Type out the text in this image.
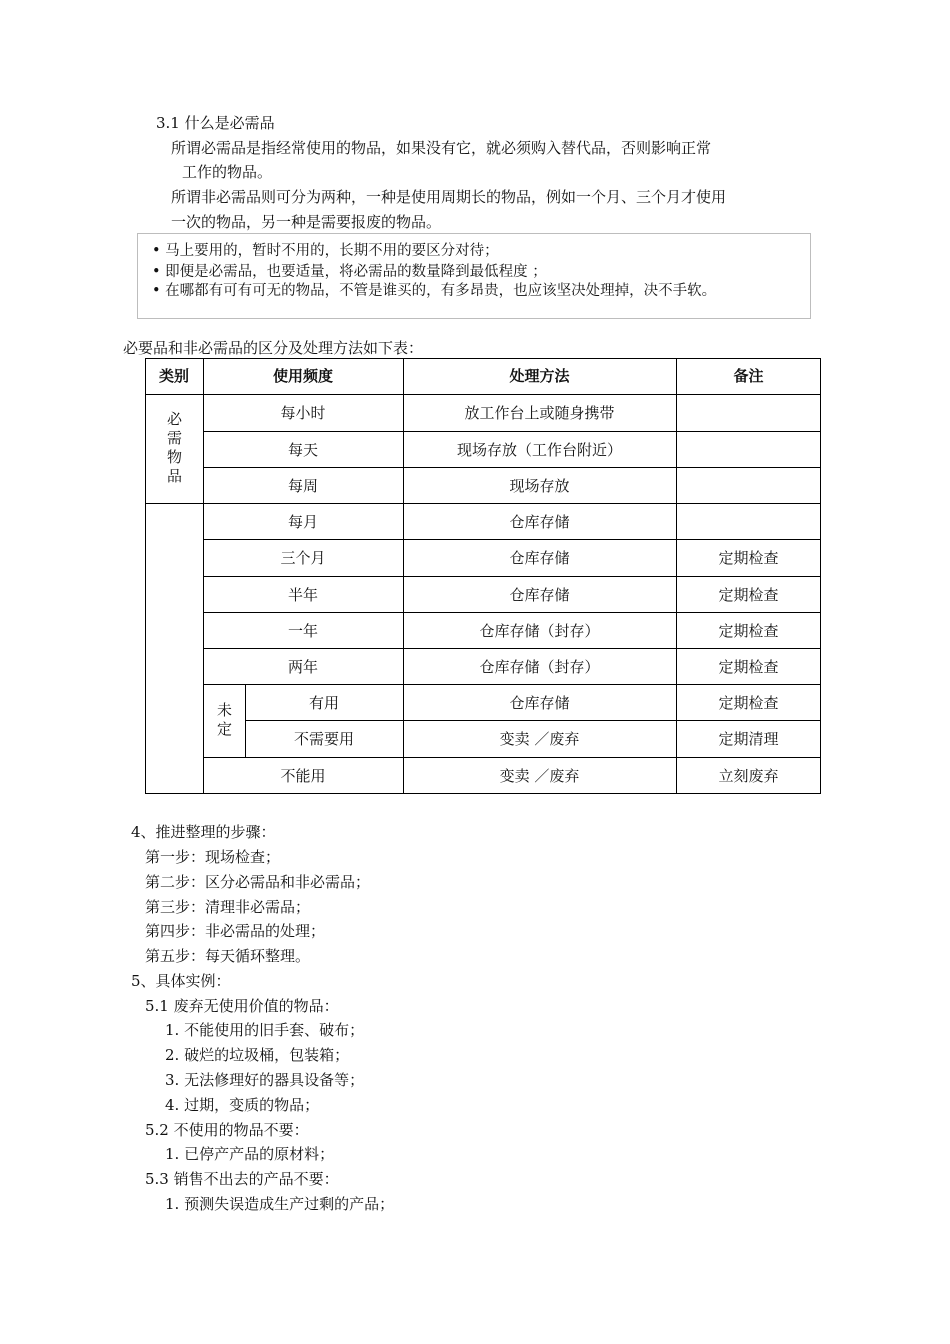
3.1 什么是必需品
所谓必需品是指经常使用的物品，如果没有它，就必须购入替代品，否则影响正常
工作的物品。
所谓非必需品则可分为两种，一种是使用周期长的物品，例如一个月、三个月才使用
一次的物品，另一种是需要报废的物品。
• 马上要用的，暂时不用的，长期不用的要区分对待；
• 即便是必需品，也要适量，将必需品的数量降到最低程度 ；
• 在哪都有可有可无的物品，不管是谁买的，有多昂贵，也应该坚决处理掉，决不手软。
必要品和非必需品的区分及处理方法如下表：
类别	使用频度	处理方法	备注
必需物品
未定
每小时	放工作台上或随身携带
每天	现场存放（工作台附近）
每周	现场存放
每月	仓库存储
三个月	仓库存储	定期检查
半年	仓库存储	定期检查
一年	仓库存储（封存）	定期检查
两年	仓库存储（封存）	定期检查
有用	仓库存储	定期检查
不需要用	变卖 ／废弃	定期清理
不能用	变卖 ／废弃	立刻废弃
4、推进整理的步骤：
第一步：现场检查；
第二步：区分必需品和非必需品；
第三步：清理非必需品；
第四步：非必需品的处理；
第五步：每天循环整理。
5、具体实例：
5.1 废弃无使用价值的物品：
1. 不能使用的旧手套、破布；
2. 破烂的垃圾桶，包装箱；
3. 无法修理好的器具设备等；
4. 过期，变质的物品；
5.2 不使用的物品不要：
1. 已停产产品的原材料；
5.3 销售不出去的产品不要：
1. 预测失误造成生产过剩的产品；
